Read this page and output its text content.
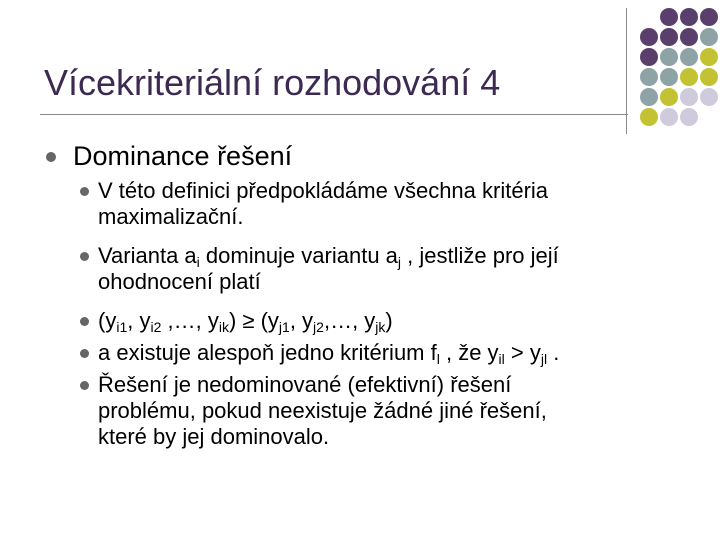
Vícekriteriální rozhodování 4
Dominance řešení
V této definici předpokládáme všechna kritéria
maximalizační.
Varianta $a_i$ dominuje variantu $a_j$ , jestliže pro její
ohodnocení platí
($y_{i1}$, $y_{i2}$ ,…, $y_{ik}) \ge (y_{j1}$, $y_{j2},\dots$, $y_{jk}$)
a existuje alespoň jedno kritérium $f_l$ , že $y_{il} > y_{jl}$ .
Řešení je nedominované (efektivní) řešení
problému, pokud neexistuje žádné jiné řešení,
které by jej dominovalo.
